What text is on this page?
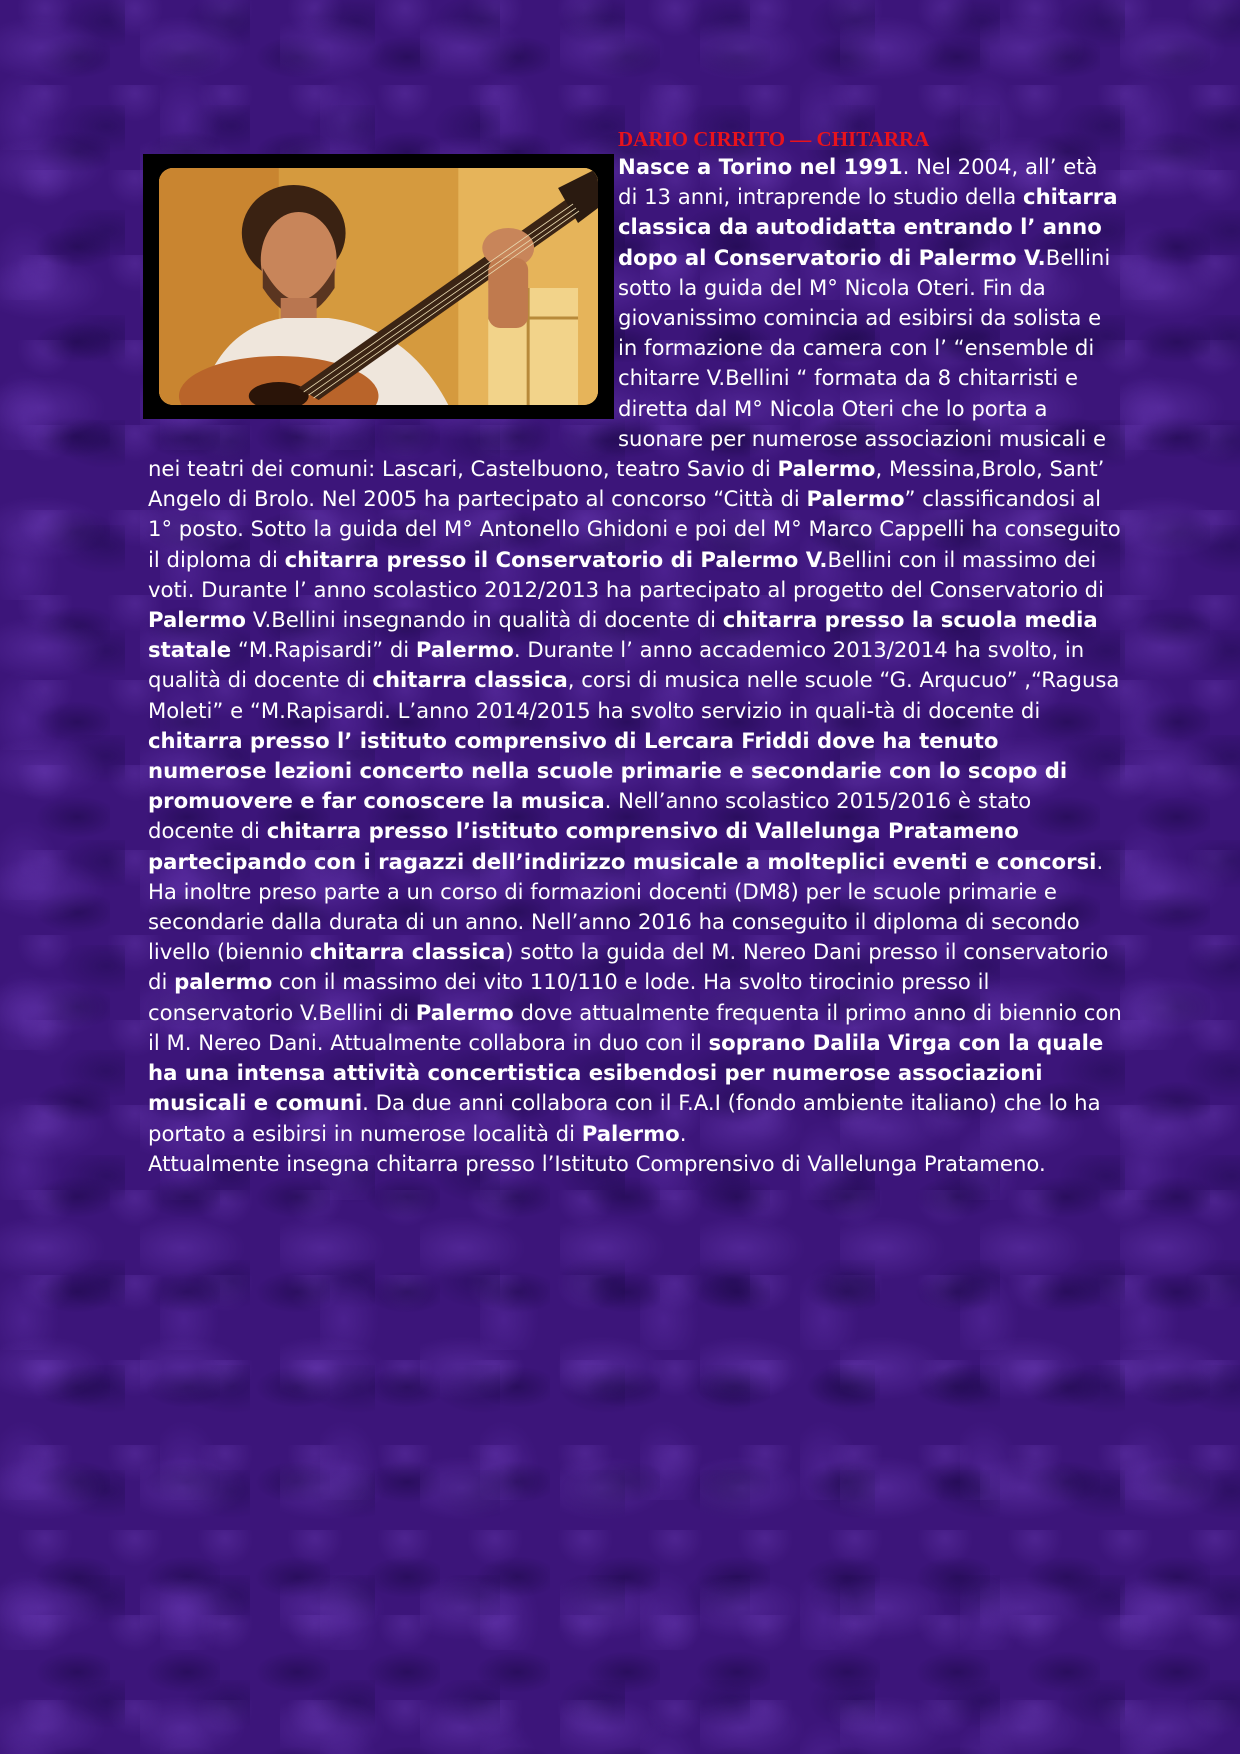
DARIO CIRRITO — CHITARRA
Nasce a Torino nel 1991. Nel 2004, all’ età di 13 anni, intraprende lo studio della chitarra classica da autodidatta entrando l’ anno dopo al Conservatorio di Palermo V.Bellini sotto la guida del M° Nicola Oteri. Fin da giovanissimo comincia ad esibirsi da solista e in formazione da camera con l’ “ensemble di chitarre V.Bellini “ formata da 8 chitarristi e diretta dal M° Nicola Oteri che lo porta a suonare per numerose associazioni musicali e nei teatri dei comuni: Lascari, Castelbuono, teatro Savio di Palermo, Messina,Brolo, Sant’ Angelo di Brolo. Nel 2005 ha partecipato al concorso “Città di Palermo” classificandosi al 1° posto. Sotto la guida del M° Antonello Ghidoni e poi del M° Marco Cappelli ha conseguito il diploma di chitarra presso il Conservatorio di Palermo V.Bellini con il massimo dei voti. Durante l’ anno scolastico 2012/2013 ha partecipato al progetto del Conservatorio di Palermo V.Bellini insegnando in qualità di docente di chitarra presso la scuola media statale “M.Rapisardi” di Palermo. Durante l’ anno accademico 2013/2014 ha svolto, in qualità di docente di chitarra classica, corsi di musica nelle scuole “G. Arqucuo” ,“Ragusa Moleti” e “M.Rapisardi. L’anno 2014/2015 ha svolto servizio in quali-tà di docente di chitarra presso l’ istituto comprensivo di Lercara Friddi dove ha tenuto numerose lezioni concerto nella scuole primarie e secondarie con lo scopo di promuovere e far conoscere la musica. Nell’anno scolastico 2015/2016 è stato docente di chitarra presso l’istituto comprensivo di Vallelunga Pratameno partecipando con i ragazzi dell’indirizzo musicale a molteplici eventi e concorsi. Ha inoltre preso parte a un corso di formazioni docenti (DM8) per le scuole primarie e secondarie dalla durata di un anno. Nell’anno 2016 ha conseguito il diploma di secondo livello (biennio chitarra classica) sotto la guida del M. Nereo Dani presso il conservatorio di palermo con il massimo dei vito 110/110 e lode. Ha svolto tirocinio presso il conservatorio V.Bellini di Palermo dove attualmente frequenta il primo anno di biennio con il M. Nereo Dani. Attualmente collabora in duo con il soprano Dalila Virga con la quale ha una intensa attività concertistica esibendosi per numerose associazioni musicali e comuni. Da due anni collabora con il F.A.I (fondo ambiente italiano) che lo ha portato a esibirsi in numerose località di Palermo.
Attualmente insegna chitarra presso l’Istituto Comprensivo di Vallelunga Pratameno.
